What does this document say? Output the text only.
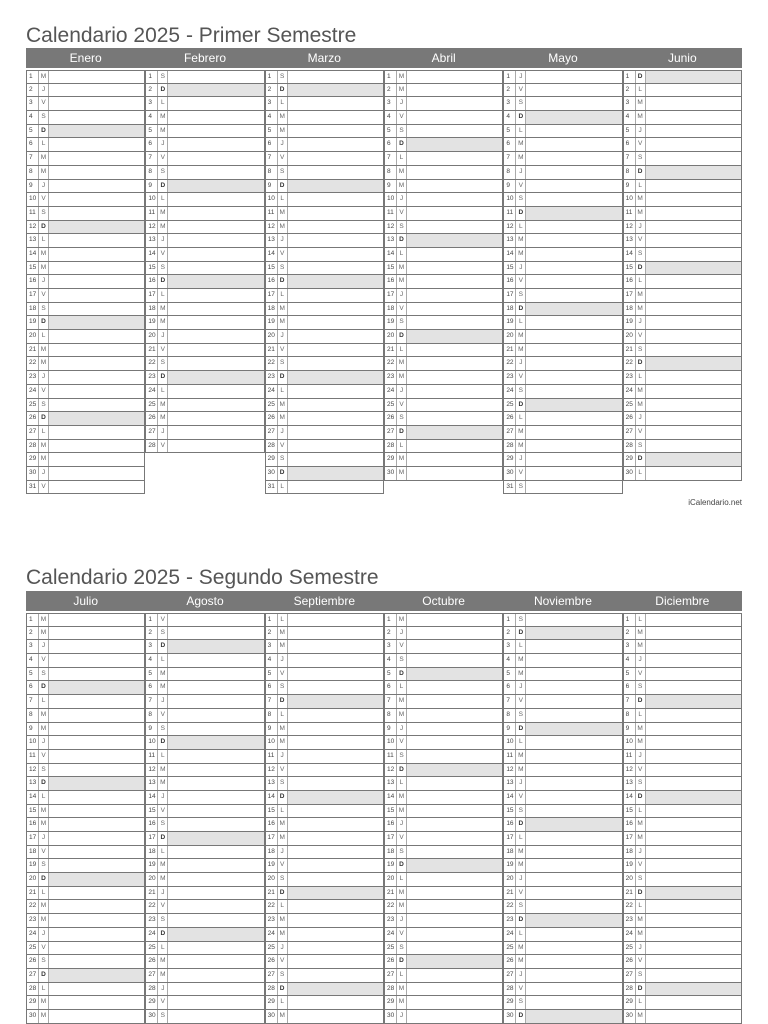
Calendario 2025 - Primer Semestre
Enero
1	M
2	J
3	V
4	S
5	D
6	L
7	M
8	M
9	J
10 V
11 S
12 D
13 L
14 M
15 M
16 J
17 V
18 S
19 D
20 L
21 M
22 M
23 J
24 V
25 S
26 D
27 L
28 M
29 M
30 J
31 V
Febrero
1	S
2	D
3	L
4	M
5	M
6	J
7	V
8	S
9	D
10 L
11 M
12 M
13 J
14 V
15 S
16 D
17 L
18 M
19 M
20 J
21 V
22 S
23 D
24 L
25 M
26 M
27 J
28 V
Marzo
1	S
2	D
3	L
4	M
5	M
6	J
7	V
8	S
9	D
10 L
11 M
12 M
13 J
14 V
15 S
16 D
17 L
18 M
19 M
20 J
21 V
22 S
23 D
24 L
25 M
26 M
27 J
28 V
29 S
30 D
31 L
Abril
1	M
2	M
3	J
4	V
5	S
6	D
7	L
8	M
9	M
10 J
11 V
12 S
13 D
14 L
15 M
16 M
17 J
18 V
19 S
20 D
21 L
22 M
23 M
24 J
25 V
26 S
27 D
28 L
29 M
30 M
Mayo
1	J
2	V
3	S
4	D
5	L
6	M
7	M
8	J
9	V
10 S
11 D
12 L
13 M
14 M
15 J
16 V
17 S
18 D
19 L
20 M
21 M
22 J
23 V
24 S
25 D
26 L
27 M
28 M
29 J
30 V
31 S
Junio
1	D
2	L
3	M
4	M
5	J
6	V
7	S
8	D
9	L
10 M
11 M
12 J
13 V
14 S
15 D
16 L
17 M
18 M
19 J
20 V
21 S
22 D
23 L
24 M
25 M
26 J
27 V
28 S
29 D
30 L
iCalendario.net
Calendario 2025 - Segundo Semestre
Julio
1	M
2	M
3	J
4	V
5	S
6	D
7	L
8	M
9	M
10 J
11 V
12 S
13 D
14 L
15 M
16 M
17 J
18 V
19 S
20 D
21 L
22 M
23 M
24 J
25 V
26 S
27 D
28 L
29 M
30 M
Agosto
1	V
2	S
3	D
4	L
5	M
6	M
7	J
8	V
9	S
10 D
11 L
12 M
13 M
14 J
15 V
16 S
17 D
18 L
19 M
20 M
21 J
22 V
23 S
24 D
25 L
26 M
27 M
28 J
29 V
30 S
Septiembre
1	L
2	M
3	M
4	J
5	V
6	S
7	D
8	L
9	M
10 M
11 J
12 V
13 S
14 D
15 L
16 M
17 M
18 J
19 V
20 S
21 D
22 L
23 M
24 M
25 J
26 V
27 S
28 D
29 L
30 M
Octubre
1	M
2	J
3	V
4	S
5	D
6	L
7	M
8	M
9	J
10 V
11 S
12 D
13 L
14 M
15 M
16 J
17 V
18 S
19 D
20 L
21 M
22 M
23 J
24 V
25 S
26 D
27 L
28 M
29 M
30 J
Noviembre
1	S
2	D
3	L
4	M
5	M
6	J
7	V
8	S
9	D
10 L
11 M
12 M
13 J
14 V
15 S
16 D
17 L
18 M
19 M
20 J
21 V
22 S
23 D
24 L
25 M
26 M
27 J
28 V
29 S
30 D
Diciembre
1	L
2	M
3	M
4	J
5	V
6	S
7	D
8	L
9	M
10 M
11 J
12 V
13 S
14 D
15 L
16 M
17 M
18 J
19 V
20 S
21 D
22 L
23 M
24 M
25 J
26 V
27 S
28 D
29 L
30 M
